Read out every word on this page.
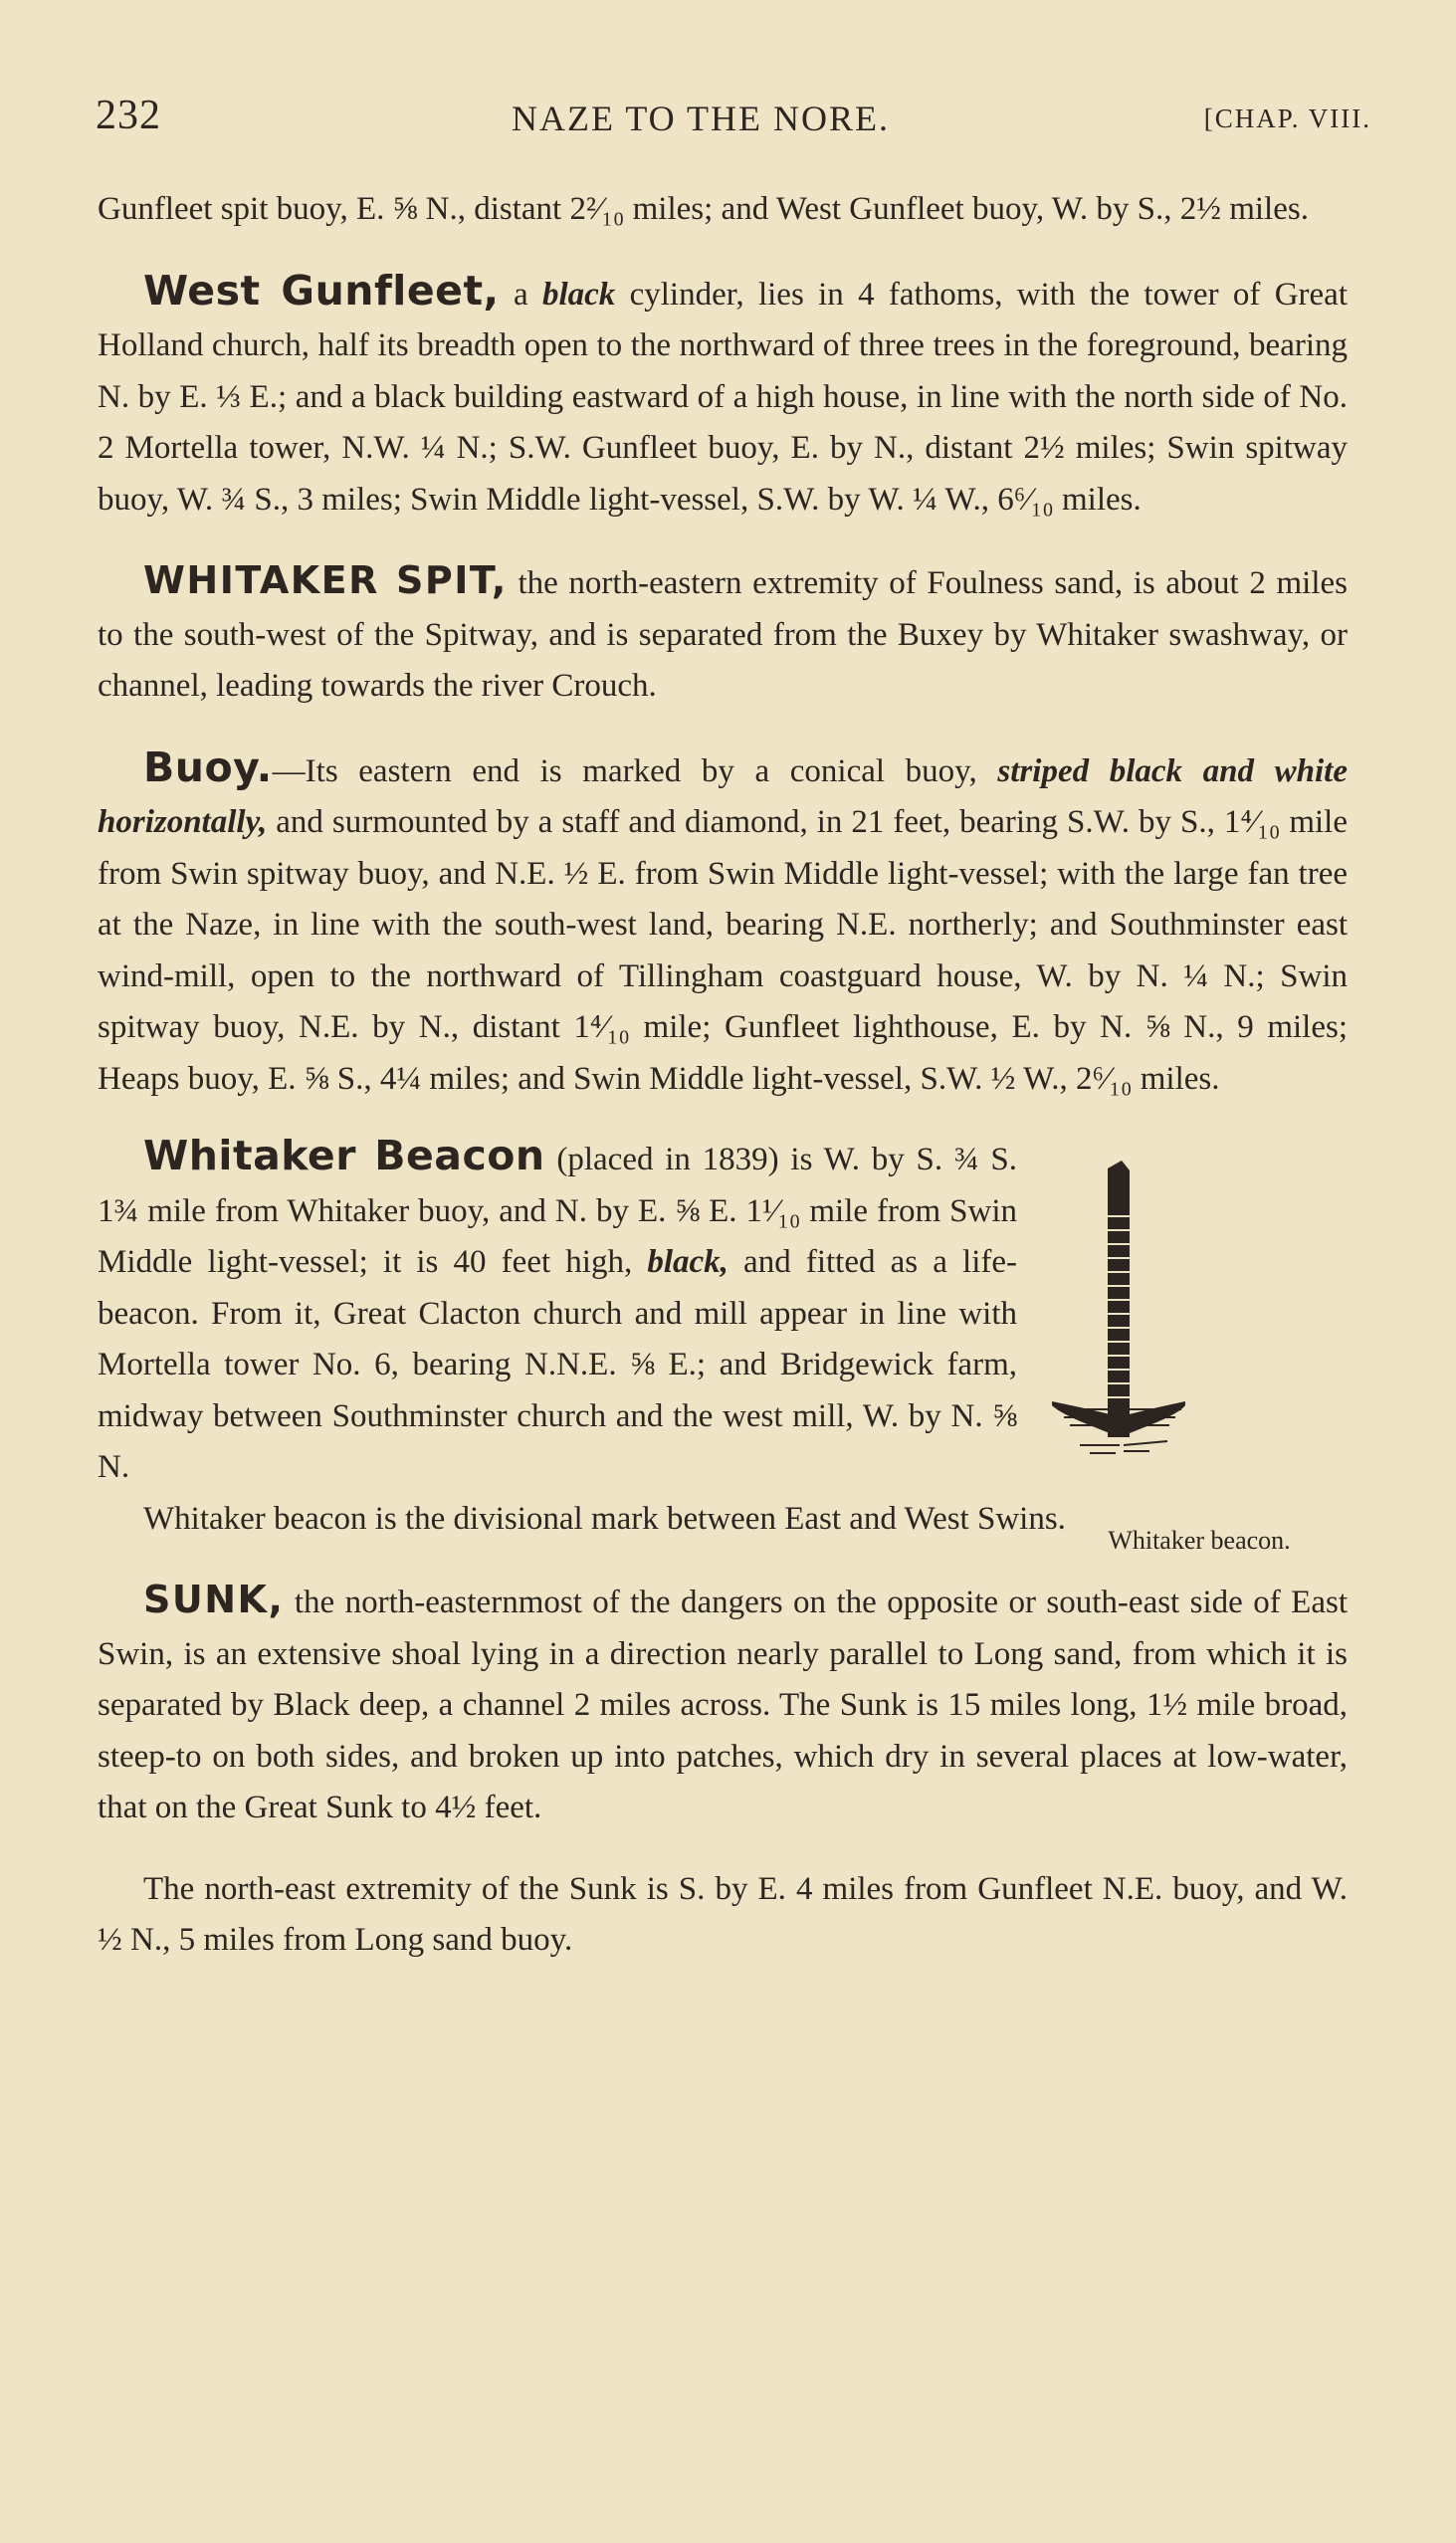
232	NAZE TO THE NORE.	[CHAP. VIII.

Gunfleet spit buoy, E. ⅝ N., distant 2²⁄₁₀ miles; and West Gunfleet buoy, W. by S., 2½ miles.

West Gunfleet, a black cylinder, lies in 4 fathoms, with the tower of Great Holland church, half its breadth open to the northward of three trees in the foreground, bearing N. by E. ⅓ E.; and a black building eastward of a high house, in line with the north side of No. 2 Mortella tower, N.W. ¼ N.; S.W. Gunfleet buoy, E. by N., distant 2½ miles; Swin spitway buoy, W. ¾ S., 3 miles; Swin Middle light-vessel, S.W. by W. ¼ W., 6⁶⁄₁₀ miles.

WHITAKER SPIT, the north-eastern extremity of Foulness sand, is about 2 miles to the south-west of the Spitway, and is separated from the Buxey by Whitaker swashway, or channel, leading towards the river Crouch.

Buoy.—Its eastern end is marked by a conical buoy, striped black and white horizontally, and surmounted by a staff and diamond, in 21 feet, bearing S.W. by S., 1⁴⁄₁₀ mile from Swin spitway buoy, and N.E. ½ E. from Swin Middle light-vessel; with the large fan tree at the Naze, in line with the south-west land, bearing N.E. northerly; and Southminster east wind-mill, open to the northward of Tillingham coastguard house, W. by N. ¼ N.; Swin spitway buoy, N.E. by N., distant 1⁴⁄₁₀ mile; Gunfleet lighthouse, E. by N. ⅝ N., 9 miles; Heaps buoy, E. ⅝ S., 4¼ miles; and Swin Middle light-vessel, S.W. ½ W., 2⁶⁄₁₀ miles.

Whitaker Beacon (placed in 1839) is W. by S. ¾ S. 1¾ mile from Whitaker buoy, and N. by E. ⅝ E. 1¹⁄₁₀ mile from Swin Middle light-vessel; it is 40 feet high, black, and fitted as a life-beacon. From it, Great Clacton church and mill appear in line with Mortella tower No. 6, bearing N.N.E. ⅝ E.; and Bridgewick farm, midway between Southminster church and the west mill, W. by N. ⅝ N.

Whitaker beacon is the divisional mark between East and West Swins.

Whitaker beacon.

SUNK, the north-easternmost of the dangers on the opposite or south-east side of East Swin, is an extensive shoal lying in a direction nearly parallel to Long sand, from which it is separated by Black deep, a channel 2 miles across. The Sunk is 15 miles long, 1½ mile broad, steep-to on both sides, and broken up into patches, which dry in several places at low-water, that on the Great Sunk to 4½ feet.

The north-east extremity of the Sunk is S. by E. 4 miles from Gunfleet N.E. buoy, and W. ½ N., 5 miles from Long sand buoy.
